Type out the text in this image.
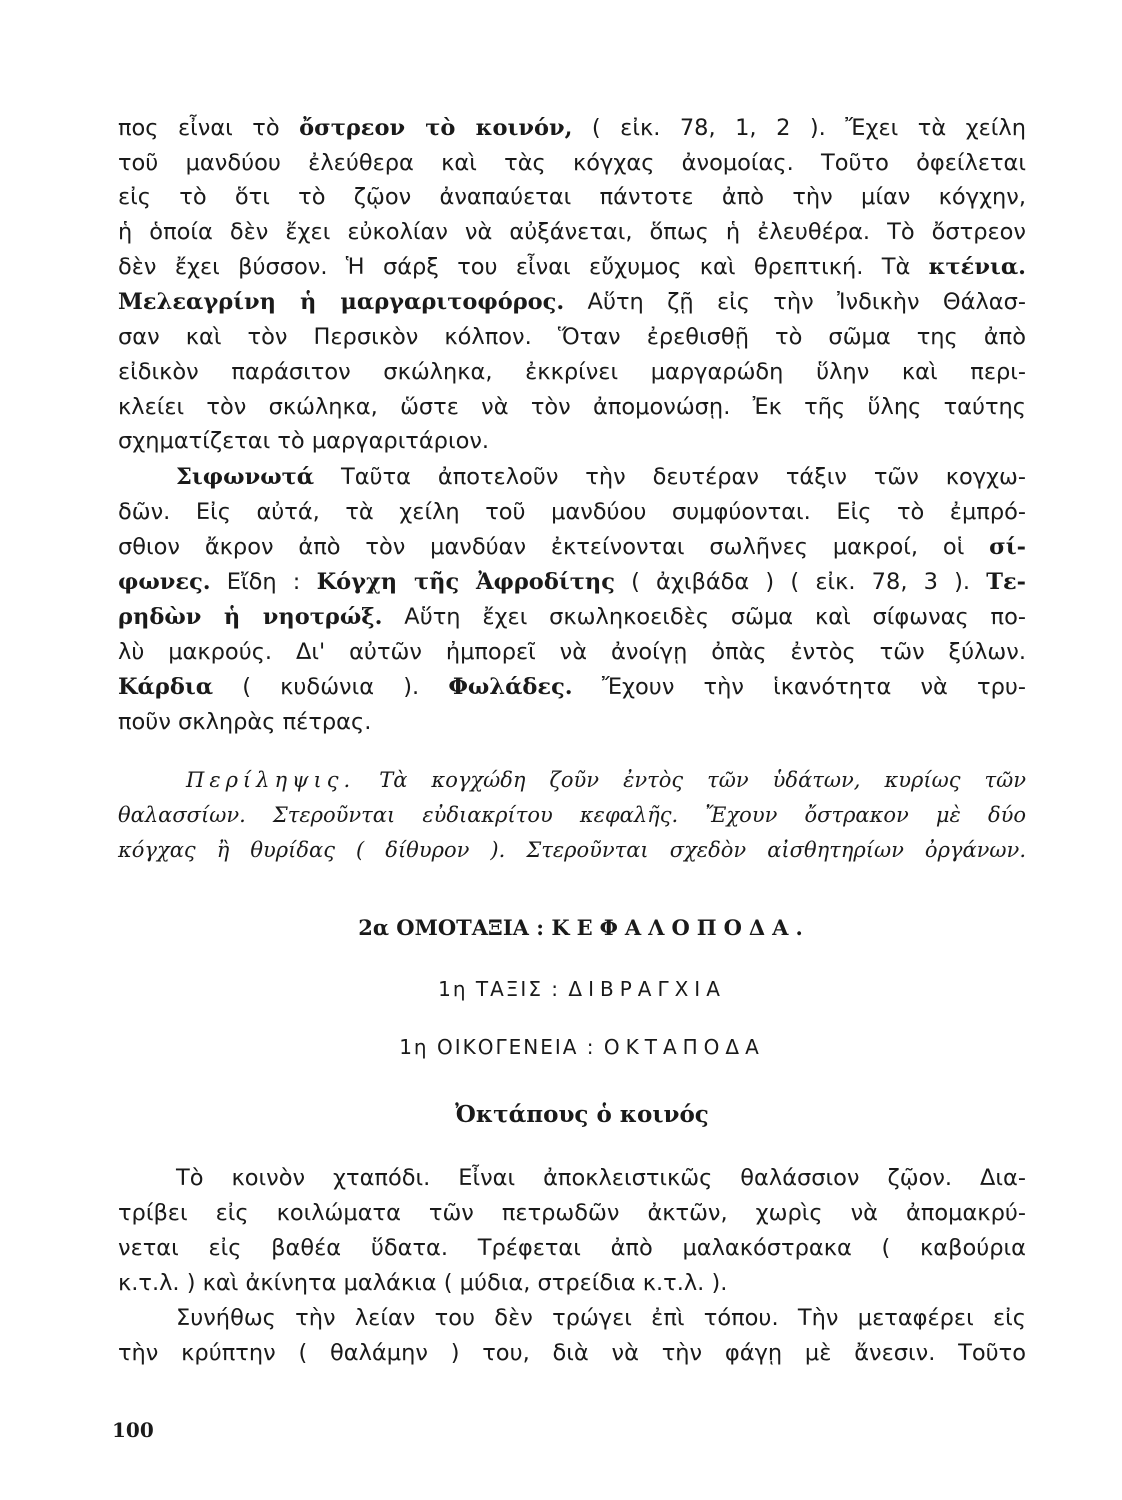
πος εἶναι τὸ ὄστρεον τὸ κοινόν, ( εἰκ. 78, 1, 2 ). Ἔχει τὰ χείλη
τοῦ μανδύου ἐλεύθερα καὶ τὰς κόγχας ἀνομοίας. Τοῦτο ὀφείλεται
εἰς τὸ ὅτι τὸ ζῷον ἀναπαύεται πάντοτε ἀπὸ τὴν μίαν κόγχην,
ἡ ὁποία δὲν ἔχει εὐκολίαν νὰ αὐξάνεται, ὅπως ἡ ἐλευθέρα. Τὸ ὄστρεον
δὲν ἔχει βύσσον. Ἡ σάρξ του εἶναι εὔχυμος καὶ θρεπτική. Τὰ κτένια.
Μελεαγρίνη ἡ μαργαριτοφόρος. Αὕτη ζῇ εἰς τὴν Ἰνδικὴν Θάλασ-
σαν καὶ τὸν Περσικὸν κόλπον. Ὅταν ἐρεθισθῇ τὸ σῶμα της ἀπὸ
εἰδικὸν παράσιτον σκώληκα, ἐκκρίνει μαργαρώδη ὕλην καὶ περι-
κλείει τὸν σκώληκα, ὥστε νὰ τὸν ἀπομονώσῃ. Ἐκ τῆς ὕλης ταύτης
σχηματίζεται τὸ μαργαριτάριον.
Σιφωνωτά Ταῦτα ἀποτελοῦν τὴν δευτέραν τάξιν τῶν κογχω-
δῶν. Εἰς αὐτά, τὰ χείλη τοῦ μανδύου συμφύονται. Εἰς τὸ ἐμπρό-
σθιον ἄκρον ἀπὸ τὸν μανδύαν ἐκτείνονται σωλῆνες μακροί, οἱ σί-
φωνες. Εἴδη : Κόγχη τῆς Ἀφροδίτης ( ἀχιβάδα ) ( εἰκ. 78, 3 ). Τε-
ρηδὼν ἡ νηοτρώξ. Αὕτη ἔχει σκωληκοειδὲς σῶμα καὶ σίφωνας πο-
λὺ μακρούς. Δι' αὐτῶν ἠμπορεῖ νὰ ἀνοίγῃ ὀπὰς ἐντὸς τῶν ξύλων.
Κάρδια ( κυδώνια ). Φωλάδες. Ἔχουν τὴν ἱκανότητα νὰ τρυ-
ποῦν σκληρὰς πέτρας.
Περίληψις. Τὰ κογχώδη ζοῦν ἐντὸς τῶν ὑδάτων, κυρίως τῶν
θαλασσίων. Στεροῦνται εὐδιακρίτου κεφαλῆς. Ἔχουν ὄστρακον μὲ δύο
κόγχας ἢ θυρίδας ( δίθυρον ). Στεροῦνται σχεδὸν αἰσθητηρίων ὀργάνων.
2α ΟΜΟΤΑΞΙΑ : ΚΕΦΑΛΟΠΟΔΑ.
1η ΤΑΞΙΣ : ΔΙΒΡΑΓΧΙΑ
1η ΟΙΚΟΓΕΝΕΙΑ : ΟΚΤΑΠΟΔΑ
Ὀκτάπους ὁ κοινός
Τὸ κοινὸν χταπόδι. Εἶναι ἀποκλειστικῶς θαλάσσιον ζῷον. Δια-
τρίβει εἰς κοιλώματα τῶν πετρωδῶν ἀκτῶν, χωρὶς νὰ ἀπομακρύ-
νεται εἰς βαθέα ὕδατα. Τρέφεται ἀπὸ μαλακόστρακα ( καβούρια
κ.τ.λ. ) καὶ ἀκίνητα μαλάκια ( μύδια, στρείδια κ.τ.λ. ).
Συνήθως τὴν λείαν του δὲν τρώγει ἐπὶ τόπου. Τὴν μεταφέρει εἰς
τὴν κρύπτην ( θαλάμην ) του, διὰ νὰ τὴν φάγῃ μὲ ἄνεσιν. Τοῦτο
100
